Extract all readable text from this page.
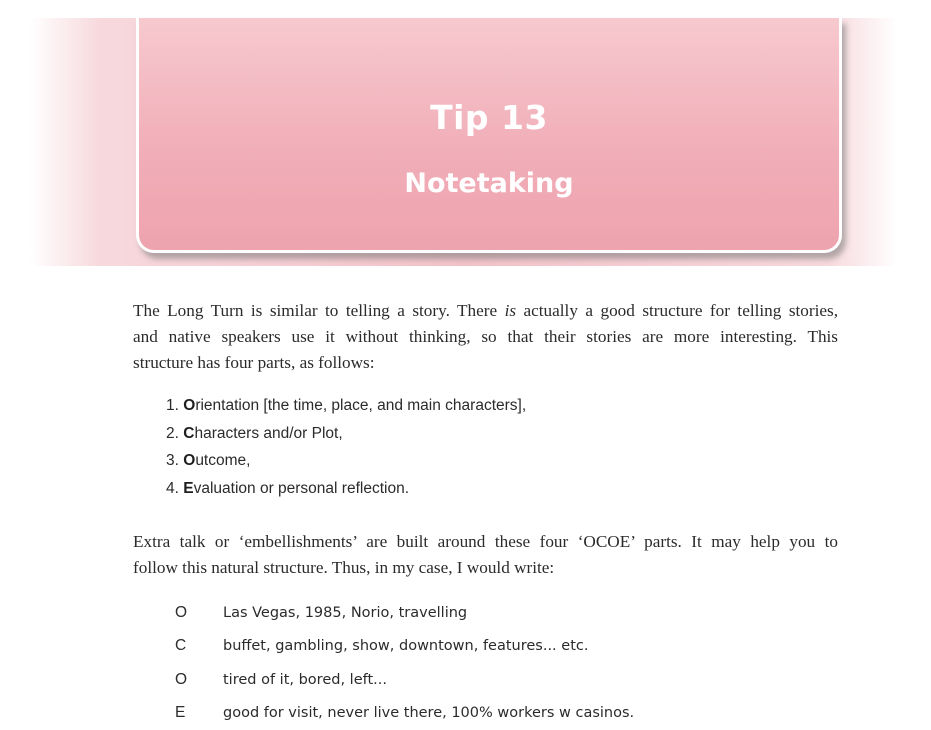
Tip 13
Notetaking
The Long Turn is similar to telling a story. There is actually a good structure for telling stories,
and native speakers use it without thinking, so that their stories are more interesting. This
structure has four parts, as follows:
1. Orientation [the time, place, and main characters],
2. Characters and/or Plot,
3. Outcome,
4. Evaluation or personal reflection.
Extra talk or ‘embellishments’ are built around these four ‘OCOE’ parts. It may help you to
follow this natural structure. Thus, in my case, I would write:
O	Las Vegas, 1985, Norio, travelling
C	buffet, gambling, show, downtown, features... etc.
O	tired of it, bored, left...
E	good for visit, never live there, 100% workers w casinos.
